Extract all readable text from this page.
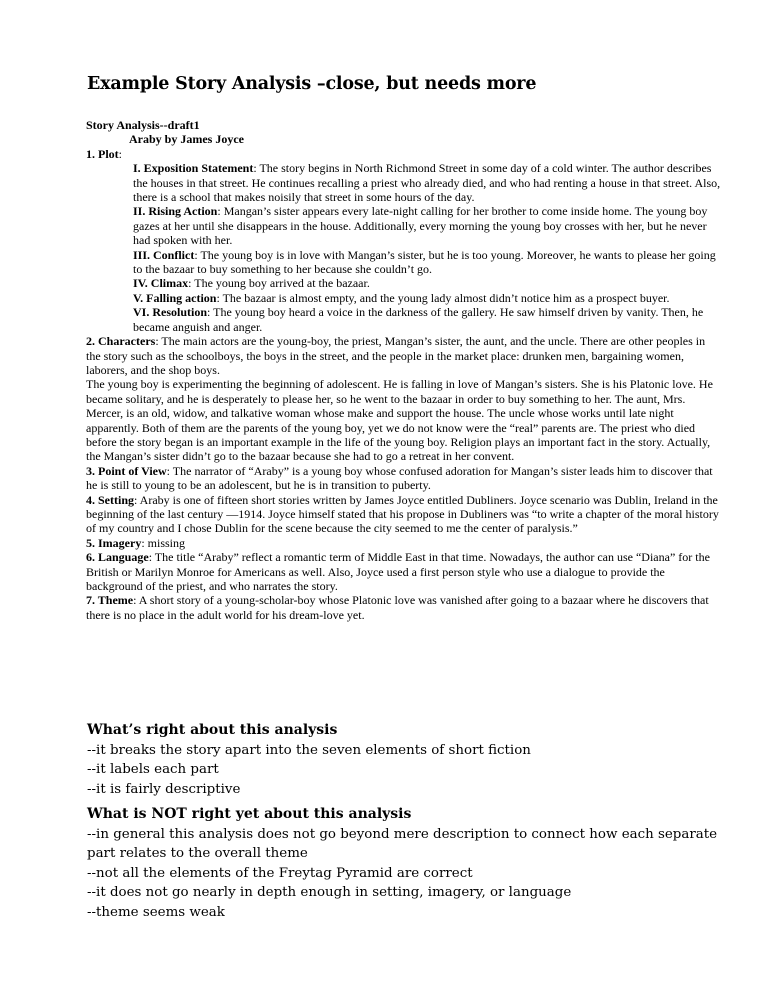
Example Story Analysis –close, but needs more

Story Analysis--draft1

Araby by James Joyce

1. Plot:

I. Exposition Statement: The story begins in North Richmond Street in some day of a cold winter. The author describes the houses in that street. He continues recalling a priest who already died, and who had renting a house in that street. Also, there is a school that makes noisily that street in some hours of the day.

II. Rising Action: Mangan’s sister appears every late-night calling for her brother to come inside home. The young boy gazes at her until she disappears in the house. Additionally, every morning the young boy crosses with her, but he never had spoken with her.

III. Conflict: The young boy is in love with Mangan’s sister, but he is too young. Moreover, he wants to please her going to the bazaar to buy something to her because she couldn’t go.

IV. Climax: The young boy arrived at the bazaar.

V. Falling action: The bazaar is almost empty, and the young lady almost didn’t notice him as a prospect buyer.

VI. Resolution: The young boy heard a voice in the darkness of the gallery. He saw himself driven by vanity. Then, he became anguish and anger.

2. Characters: The main actors are the young-boy, the priest, Mangan’s sister, the aunt, and the uncle. There are other peoples in the story such as the schoolboys, the boys in the street, and the people in the market place: drunken men, bargaining women, laborers, and the shop boys.

The young boy is experimenting the beginning of adolescent. He is falling in love of Mangan’s sisters. She is his Platonic love. He became solitary, and he is desperately to please her, so he went to the bazaar in order to buy something to her. The aunt, Mrs. Mercer, is an old, widow, and talkative woman whose make and support the house. The uncle whose works until late night apparently. Both of them are the parents of the young boy, yet we do not know were the “real” parents are. The priest who died before the story began is an important example in the life of the young boy. Religion plays an important fact in the story. Actually, the Mangan’s sister didn’t go to the bazaar because she had to go a retreat in her convent.

3. Point of View: The narrator of “Araby” is a young boy whose confused adoration for Mangan’s sister leads him to discover that he is still to young to be an adolescent, but he is in transition to puberty.

4. Setting: Araby is one of fifteen short stories written by James Joyce entitled Dubliners. Joyce scenario was Dublin, Ireland in the beginning of the last century —1914. Joyce himself stated that his propose in Dubliners was “to write a chapter of the moral history of my country and I chose Dublin for the scene because the city seemed to me the center of paralysis.”

5. Imagery: missing

6. Language: The title “Araby” reflect a romantic term of Middle East in that time. Nowadays, the author can use “Diana” for the British or Marilyn Monroe for Americans as well. Also, Joyce used a first person style who use a dialogue to provide the background of the priest, and who narrates the story.

7. Theme: A short story of a young-scholar-boy whose Platonic love was vanished after going to a bazaar where he discovers that there is no place in the adult world for his dream-love yet.

What’s right about this analysis

--it breaks the story apart into the seven elements of short fiction

--it labels each part

--it is fairly descriptive

What is NOT right yet about this analysis

--in general this analysis does not go beyond mere description to connect how each separate part relates to the overall theme

--not all the elements of the Freytag Pyramid are correct

--it does not go nearly in depth enough in setting, imagery, or language

--theme seems weak
